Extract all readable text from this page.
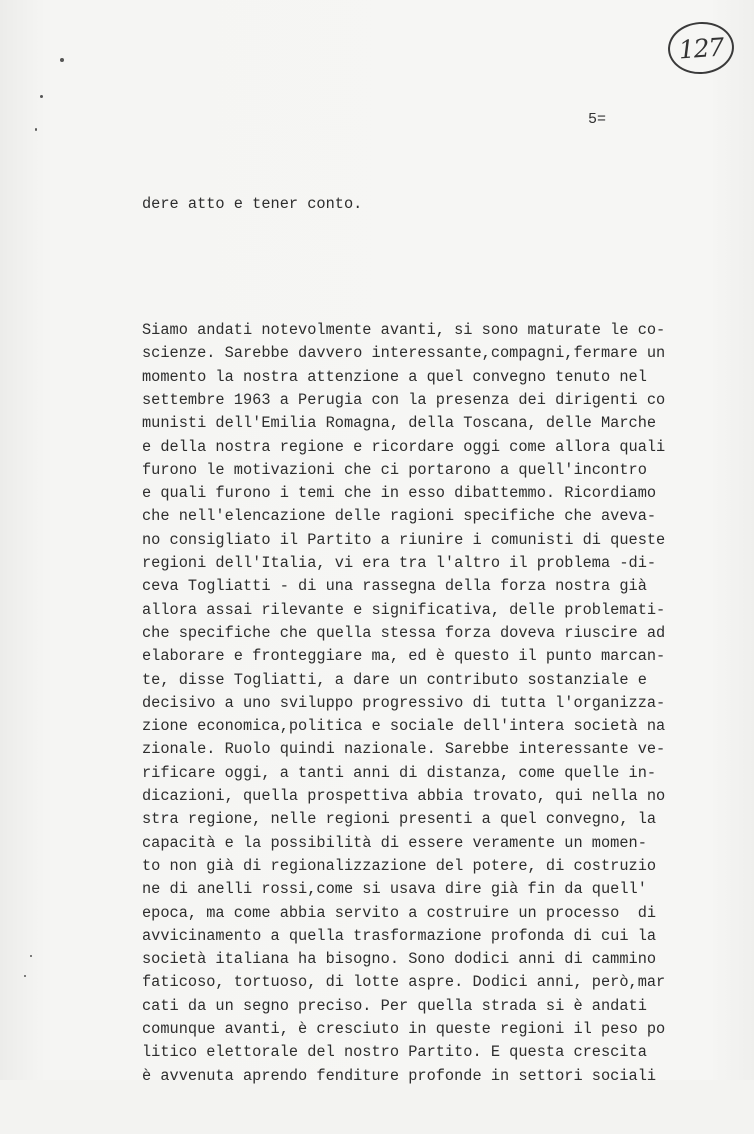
127
5=

dere atto e tener conto.

Siamo andati notevolmente avanti, si sono maturate le co-
scienze. Sarebbe davvero interessante,compagni,fermare un
momento la nostra attenzione a quel convegno tenuto nel
settembre 1963 a Perugia con la presenza dei dirigenti co
munisti dell'Emilia Romagna, della Toscana, delle Marche
e della nostra regione e ricordare oggi come allora quali
furono le motivazioni che ci portarono a quell'incontro
e quali furono i temi che in esso dibattemmo. Ricordiamo
che nell'elencazione delle ragioni specifiche che aveva-
no consigliato il Partito a riunire i comunisti di queste
regioni dell'Italia, vi era tra l'altro il problema -di-
ceva Togliatti - di una rassegna della forza nostra già
allora assai rilevante e significativa, delle problemati-
che specifiche che quella stessa forza doveva riuscire ad
elaborare e fronteggiare ma, ed è questo il punto marcan-
te, disse Togliatti, a dare un contributo sostanziale e
decisivo a uno sviluppo progressivo di tutta l'organizza-
zione economica,politica e sociale dell'intera società na
zionale. Ruolo quindi nazionale. Sarebbe interessante ve-
rificare oggi, a tanti anni di distanza, come quelle in-
dicazioni, quella prospettiva abbia trovato, qui nella no
stra regione, nelle regioni presenti a quel convegno, la
capacità e la possibilità di essere veramente un momen-
to non già di regionalizzazione del potere, di costruzio
ne di anelli rossi,come si usava dire già fin da quell'
epoca, ma come abbia servito a costruire un processo  di
avvicinamento a quella trasformazione profonda di cui la
società italiana ha bisogno. Sono dodici anni di cammino
faticoso, tortuoso, di lotte aspre. Dodici anni, però,mar
cati da un segno preciso. Per quella strada si è andati
comunque avanti, è cresciuto in queste regioni il peso po
litico elettorale del nostro Partito. E questa crescita
è avvenuta aprendo fenditure profonde in settori sociali
